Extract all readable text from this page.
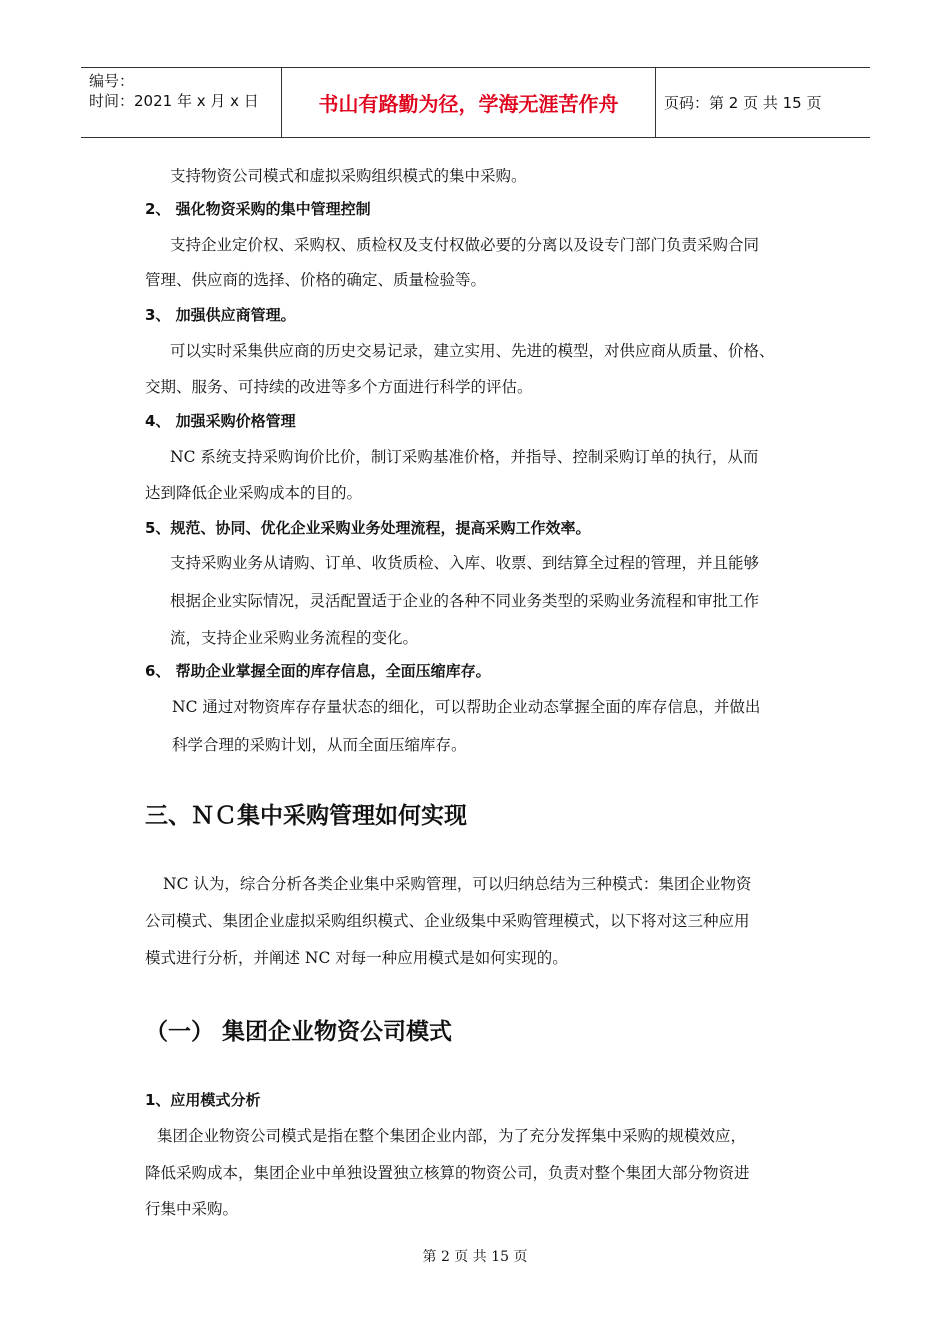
编号：
时间：2021 年 x 月 x 日	书山有路勤为径，学海无涯苦作舟	页码：第 2 页 共 15 页
支持物资公司模式和虚拟采购组织模式的集中采购。
2、 强化物资采购的集中管理控制
支持企业定价权、采购权、质检权及支付权做必要的分离以及设专门部门负责采购合同
管理、供应商的选择、价格的确定、质量检验等。
3、 加强供应商管理。
可以实时采集供应商的历史交易记录，建立实用、先进的模型，对供应商从质量、价格、
交期、服务、可持续的改进等多个方面进行科学的评估。
4、 加强采购价格管理
NC 系统支持采购询价比价，制订采购基准价格，并指导、控制采购订单的执行，从而
达到降低企业采购成本的目的。
5、规范、协同、优化企业采购业务处理流程，提高采购工作效率。
支持采购业务从请购、订单、收货质检、入库、收票、到结算全过程的管理，并且能够
根据企业实际情况，灵活配置适于企业的各种不同业务类型的采购业务流程和审批工作
流，支持企业采购业务流程的变化。
6、 帮助企业掌握全面的库存信息，全面压缩库存。
NC 通过对物资库存存量状态的细化，可以帮助企业动态掌握全面的库存信息，并做出
科学合理的采购计划，从而全面压缩库存。
三、ＮＣ集中采购管理如何实现
NC 认为，综合分析各类企业集中采购管理，可以归纳总结为三种模式：集团企业物资
公司模式、集团企业虚拟采购组织模式、企业级集中采购管理模式，以下将对这三种应用
模式进行分析，并阐述 NC 对每一种应用模式是如何实现的。
（一） 集团企业物资公司模式
1、应用模式分析
集团企业物资公司模式是指在整个集团企业内部，为了充分发挥集中采购的规模效应，
降低采购成本，集团企业中单独设置独立核算的物资公司，负责对整个集团大部分物资进
行集中采购。
第 2 页 共 15 页
